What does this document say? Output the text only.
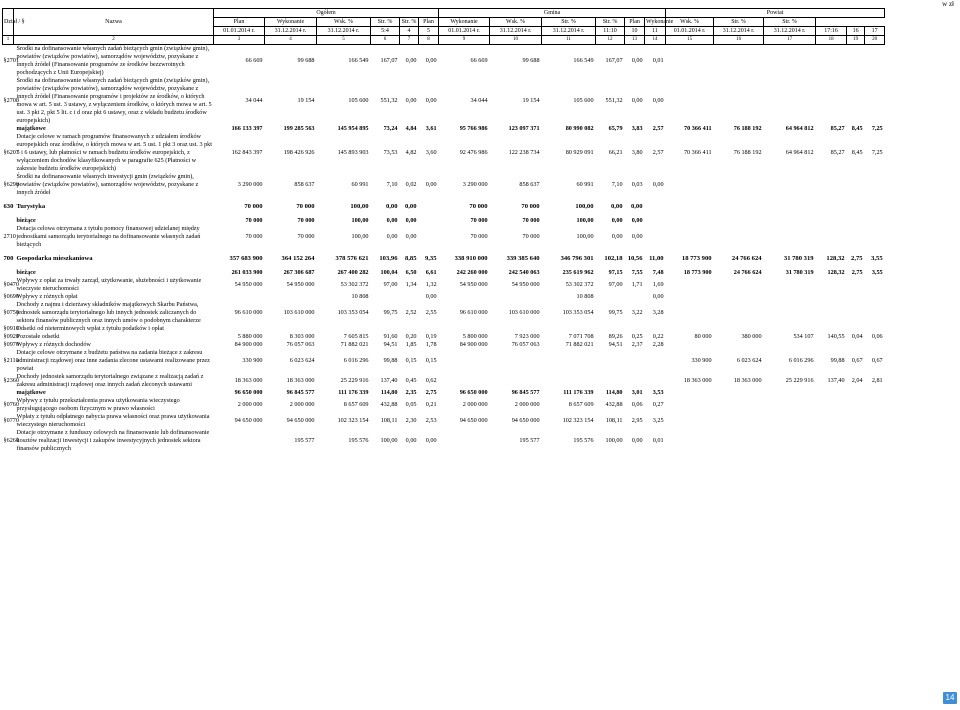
w zł
Dział / §	Nazwa	Ogółem						Gmina						Powiat					
		Plan	Wykonanie	Wsk. %	Str. %	Str. %	Plan	Wykonanie	Wsk. %	Str. %	Str. %	Plan	Wykonanie	Wsk. %	Str. %	Str. %			
		01.01.2014 r.	31.12.2014 r.	31.12.2014 r.	5:4	4	5	01.01.2014 r.	31.12.2014 r.	31.12.2014 r.	11:10	10	11	01.01.2014 r.	31.12.2014 r.	31.12.2014 r.	17:16	16	17
1	2	3	4	5	6	7	8	9	10	11	12	13	14	15	16	17	18	19	20
§2701	Środki na dofinansowanie własnych zadań bieżących gmin (związków gmin), powiatów (związków powiatów), samorządów województw, pozyskane z innych źródeł (Finansowanie programów ze środków bezzwrotnych pochodzących z Unii Europejskiej)	66 669	99 688	166 549	167,07	0,00	0,00	66 669	99 688	166 549	167,07	0,00	0,01						
§2708	Środki na dofinansowanie własnych zadań bieżących gmin (związków gmin), powiatów (związków powiatów), samorządów województw, pozyskane z innych źródeł (Finansowanie programów i projektów ze środków, o których mowa w art. 5 ust. 3 ustawy, z wyłączeniem środków, o których mowa w art. 5 ust. 3 pkt 2, pkt 5 lit. c i d oraz pkt 6 ustawy, oraz z wkładu budżetu środków europejskich)	34 044	19 154	105 600	551,32	0,00	0,00	34 044	19 154	105 600	551,32	0,00	0,00						
	majątkowe	166 133 397	199 285 563	145 954 895	73,24	4,84	3,61	95 766 986	123 097 371	80 990 082	65,79	3,83	2,57	70 366 411	76 188 192	64 964 812	85,27	8,45	7,25
§6207	Dotacje celowe w ramach programów finansowanych z udziałem środków europejskich oraz środków, o których mowa w art. 5 ust. 1 pkt 3 oraz ust. 3 pkt 5 i 6 ustawy, lub płatności w ramach budżetu środków europejskich, z wyłączeniem dochodów klasyfikowanych w paragrafie 625 (Płatności w zakresie budżetu środków europejskich)	162 843 397	198 426 926	145 893 903	73,53	4,82	3,60	92 476 986	122 238 734	80 929 091	66,21	3,80	2,57	70 366 411	76 188 192	64 964 812	85,27	8,45	7,25
§6290	Środki na dofinansowanie własnych inwestycji gmin (związków gmin), powiatów (związków powiatów), samorządów województw, pozyskane z innych źródeł	3 290 000	858 637	60 991	7,10	0,02	0,00	3 290 000	858 637	60 991	7,10	0,03	0,00						

630	Turystyka	70 000	70 000	100,00	0,00	0,00		70 000	70 000	100,00	0,00	0,00							

	bieżące	70 000	70 000	100,00	0,00	0,00		70 000	70 000	100,00	0,00	0,00							
2710	Dotacja celowa otrzymana z tytułu pomocy finansowej udzielanej między jednostkami samorządu terytorialnego na dofinansowanie własnych zadań bieżących	70 000	70 000	100,00	0,00	0,00		70 000	70 000	100,00	0,00	0,00							

700	Gospodarka mieszkaniowa	357 683 900	364 152 264	378 576 621	103,96	8,85	9,35	338 910 000	339 385 640	346 796 301	102,18	10,56	11,00	18 773 900	24 766 624	31 780 319	128,32	2,75	3,55

	bieżące	261 033 900	267 306 687	267 400 282	100,04	6,50	6,61	242 260 000	242 540 063	235 619 962	97,15	7,55	7,48	18 773 900	24 766 624	31 780 319	128,32	2,75	3,55
§0470	Wpływy z opłat za trwały zarząd, użytkowanie, służebności i użytkowanie wieczyste nieruchomości	54 950 000	54 950 000	53 302 372	97,00	1,34	1,32	54 950 000	54 950 000	53 302 372	97,00	1,71	1,69						
§0690	Wpływy z różnych opłat			10 808			0,00			10 808			0,00						
§0750	Dochody z najmu i dzierżawy składników majątkowych Skarbu Państwa, jednostek samorządu terytorialnego lub innych jednostek zaliczanych do sektora finansów publicznych oraz innych umów o podobnym charakterze	96 610 000	103 610 000	103 353 054	99,75	2,52	2,55	96 610 000	103 610 000	103 353 054	99,75	3,22	3,28						
§0910	Odsetki od nieterminowych wpłat z tytułu podatków i opłat																		
§0920	Pozostałe odsetki	5 880 000	8 303 000	7 605 815	91,60	0,20	0,19	5 800 000	7 923 000	7 071 708	89,26	0,25	0,22	80 000	380 000	534 107	140,55	0,04	0,06
§0970	Wpływy z różnych dochodów	84 900 000	76 057 063	71 882 021	94,51	1,85	1,78	84 900 000	76 057 063	71 882 021	94,51	2,37	2,28						
§2110	Dotacje celowe otrzymane z budżetu państwa na zadania bieżące z zakresu administracji rządowej oraz inne zadania zlecone ustawami realizowane przez powiat	330 900	6 023 624	6 016 296	99,88	0,15	0,15							330 900	6 023 624	6 016 296	99,88	0,67	0,67
§2360	Dochody jednostek samorządu terytorialnego związane z realizacją zadań z zakresu administracji rządowej oraz innych zadań zleconych ustawami	18 363 000	18 363 000	25 229 916	137,40	0,45	0,62							18 363 000	18 363 000	25 229 916	137,40	2,04	2,81
	majątkowe	96 650 000	96 845 577	111 176 339	114,80	2,35	2,75	96 650 000	96 845 577	111 176 339	114,80	3,01	3,53						
§0760	Wpływy z tytułu przekształcenia prawa użytkowania wieczystego przysługującego osobom fizycznym w prawo własności	2 000 000	2 000 000	8 657 609	432,88	0,05	0,21	2 000 000	2 000 000	8 657 609	432,88	0,06	0,27						
§0770	Wpłaty z tytułu odpłatnego nabycia prawa własności oraz prawa użytkowania wieczystego nieruchomości	94 650 000	94 650 000	102 323 154	108,11	2,30	2,53	94 650 000	94 650 000	102 323 154	108,11	2,95	3,25						
§6260	Dotacje otrzymane z funduszy celowych na finansowanie lub dofinansowanie kosztów realizacji inwestycji i zakupów inwestycyjnych jednostek sektora finansów publicznych		195 577	195 576	100,00	0,00	0,00		195 577	195 576	100,00	0,00	0,01						
14
